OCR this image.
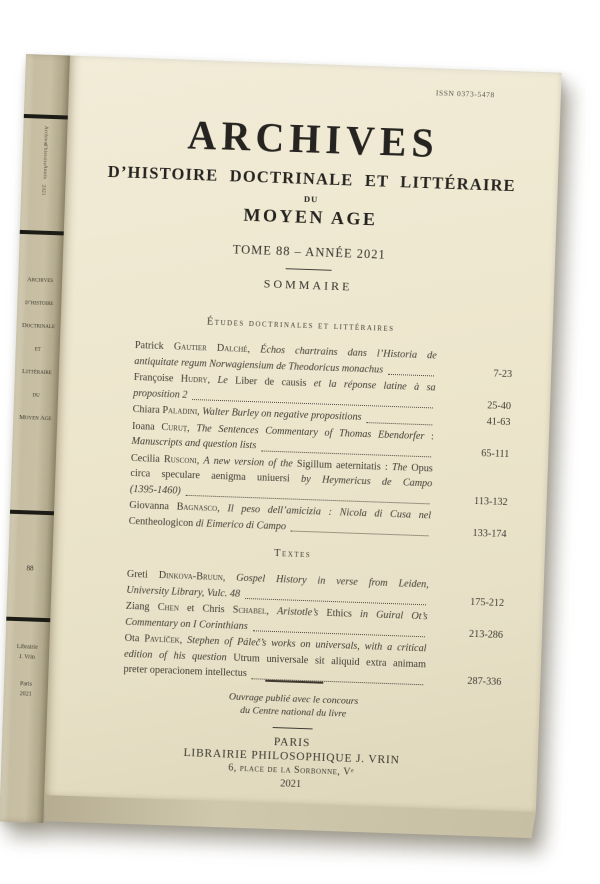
Archives
d’histoire
Année
2021
Archives
d’histoire
Doctrinale
et
Littéraire
du
Moyen Age
88
Librairie
J. Vrin
Paris
2021
ISSN 0373-5478
ARCHIVES
D’HISTOIRE DOCTRINALE ET LITTÉRAIRE
DU
MOYEN AGE
TOME 88 – ANNÉE 2021
SOMMAIRE
Études doctrinales et littéraires
Patrick Gautier Dalché, Échos chartrains dans l’Historia de
antiquitate regum Norwagiensium de Theodoricus monachus	7-23
Françoise Hudry, Le Liber de causis et la réponse latine à sa
proposition 2
25-40
Chiara Paladini, Walter Burley on negative propositions	41-63
Ioana Curuț, The Sentences Commentary of Thomas Ebendorfer :
Manuscripts and question lists
65-111
Cecilia Rusconi, A new version of the Sigillum aeternitatis : The Opus
circa speculare aenigma uniuersi by Heymericus de Campo
(1395-1460)
113-132
Giovanna Bagnasco, Il peso dell’amicizia : Nicola di Cusa nel
Centheologicon di Eimerico di Campo
133-174
Textes
Greti Dinkova-Bruun, Gospel History in verse from Leiden,
University Library, Vulc. 48
175-212
Ziang Chen et Chris Schabel, Aristotle’s Ethics in Guiral Ot’s
Commentary on I Corinthians
213-286
Ota Pavlíček, Stephen of Páleč’s works on universals, with a critical
edition of his question Utrum universale sit aliquid extra animam
preter operacionem intellectus
287-336
Ouvrage publié avec le concours
du Centre national du livre
PARIS
LIBRAIRIE PHILOSOPHIQUE J. VRIN
6, place de la Sorbonne, Vᵉ
2021
